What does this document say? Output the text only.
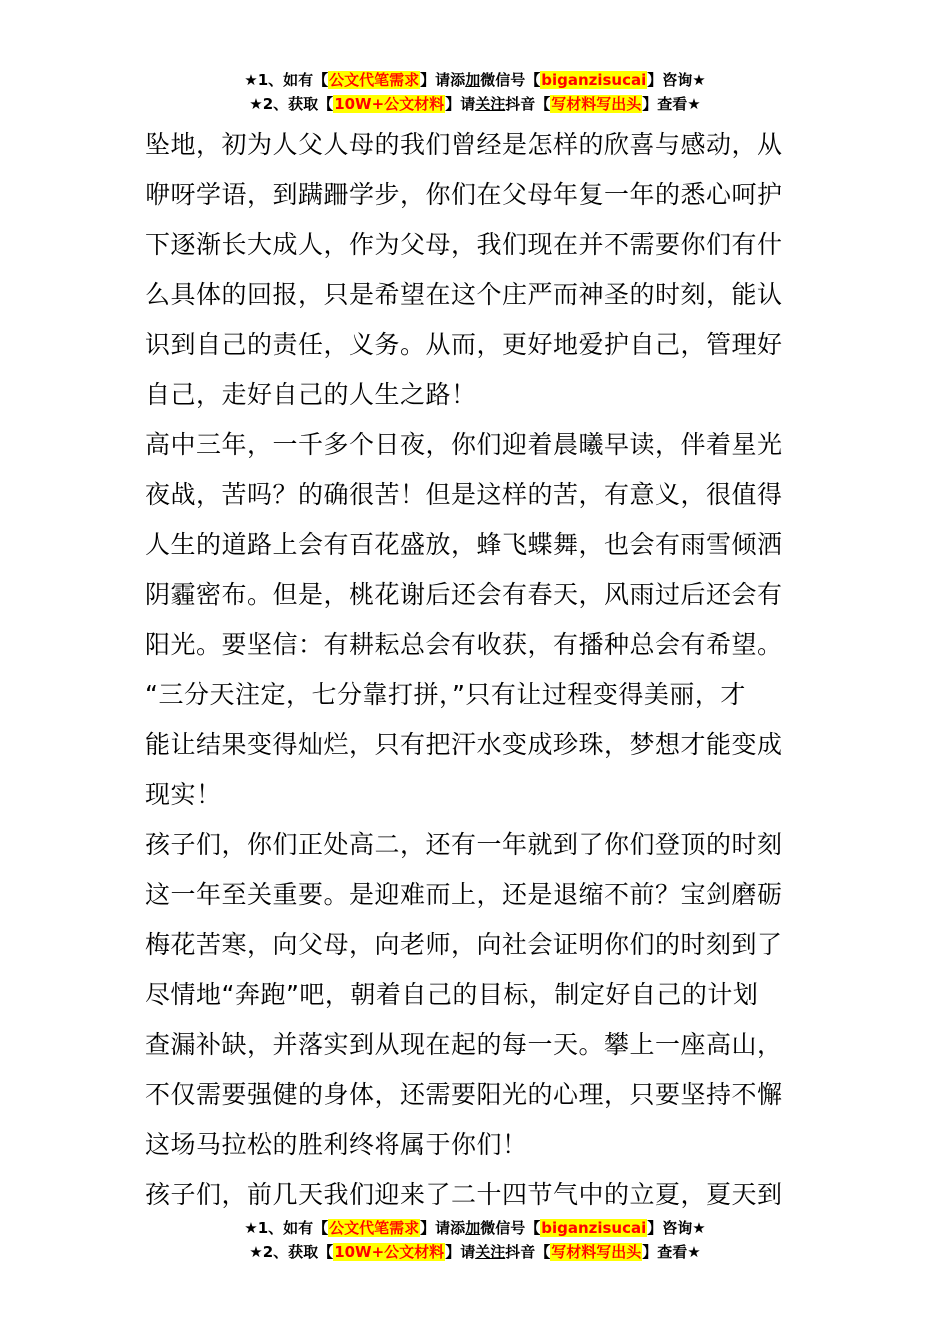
★1、如有【公文代笔需求】请添加微信号【biganzisucai】咨询★
★2、获取【10W+公文材料】请关注抖音【写材料写出头】查看★
坠地，初为人父人母的我们曾经是怎样的欣喜与感动，从
咿呀学语，到蹒跚学步，你们在父母年复一年的悉心呵护
下逐渐长大成人，作为父母，我们现在并不需要你们有什
么具体的回报，只是希望在这个庄严而神圣的时刻，能认
识到自己的责任，义务。从而，更好地爱护自己，管理好
自己，走好自己的人生之路！
高中三年，一千多个日夜，你们迎着晨曦早读，伴着星光
夜战，苦吗？的确很苦！但是这样的苦，有意义，很值得
人生的道路上会有百花盛放，蜂飞蝶舞，也会有雨雪倾洒
阴霾密布。但是，桃花谢后还会有春天，风雨过后还会有
阳光。要坚信：有耕耘总会有收获，有播种总会有希望。
“三分天注定，七分靠打拼，”只有让过程变得美丽，才
能让结果变得灿烂，只有把汗水变成珍珠，梦想才能变成
现实！
孩子们，你们正处高二，还有一年就到了你们登顶的时刻
这一年至关重要。是迎难而上，还是退缩不前？宝剑磨砺
梅花苦寒，向父母，向老师，向社会证明你们的时刻到了
尽情地“奔跑”吧，朝着自己的目标，制定好自己的计划
查漏补缺，并落实到从现在起的每一天。攀上一座高山，
不仅需要强健的身体，还需要阳光的心理，只要坚持不懈
这场马拉松的胜利终将属于你们！
孩子们，前几天我们迎来了二十四节气中的立夏，夏天到
★1、如有【公文代笔需求】请添加微信号【biganzisucai】咨询★
★2、获取【10W+公文材料】请关注抖音【写材料写出头】查看★
